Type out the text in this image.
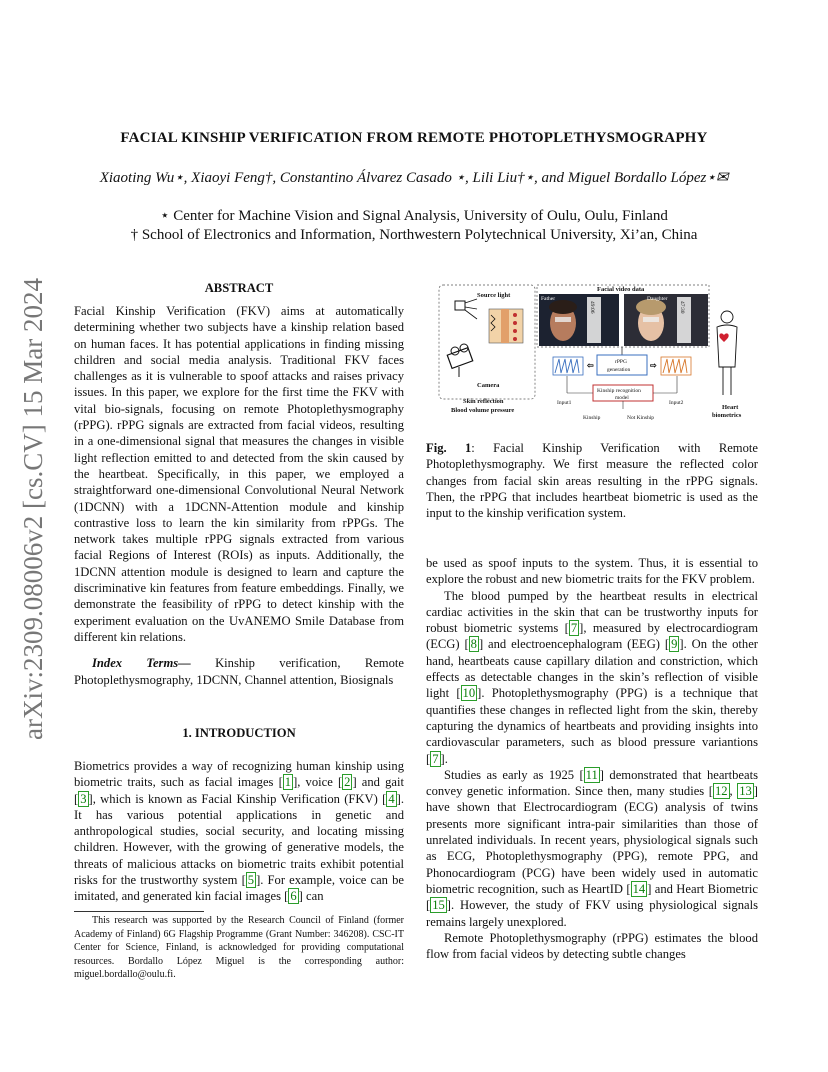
FACIAL KINSHIP VERIFICATION FROM REMOTE PHOTOPLETHYSMOGRAPHY
Xiaoting Wu⋆, Xiaoyi Feng†, Constantino Álvarez Casado ⋆, Lili Liu†⋆, and Miguel Bordallo López⋆✉
⋆ Center for Machine Vision and Signal Analysis, University of Oulu, Oulu, Finland
† School of Electronics and Information, Northwestern Polytechnical University, Xi’an, China
arXiv:2309.08006v2 [cs.CV] 15 Mar 2024	ABSTRACT

Facial Kinship Verification (FKV) aims at automatically determining whether two subjects have a kinship relation based on human faces. It has potential applications in finding missing children and social media analysis. Traditional FKV faces challenges as it is vulnerable to spoof attacks and raises privacy issues. In this paper, we explore for the first time the FKV with vital bio-signals, focusing on remote Photoplethysmography (rPPG). rPPG signals are extracted from facial videos, resulting in a one-dimensional signal that measures the changes in visible light reflection emitted to and detected from the skin caused by the heartbeat. Specifically, in this paper, we employed a straightforward one-dimensional Convolutional Neural Network (1DCNN) with a 1DCNN-Attention module and kinship contrastive loss to learn the kin similarity from rPPGs. The network takes multiple rPPG signals extracted from various facial Regions of Interest (ROIs) as inputs. Additionally, the 1DCNN attention module is designed to learn and capture the discriminative kin features from feature embeddings. Finally, we demonstrate the feasibility of rPPG to detect kinship with the experiment evaluation on the UvANEMO Smile Database from different kin relations.

Index Terms— Kinship verification, Remote Photoplethysmography, 1DCNN, Channel attention, Biosignals

1. INTRODUCTION

Biometrics provides a way of recognizing human kinship using biometric traits, such as facial images [ 1 ], voice [ 2 ] and gait [ 3 ], which is known as Facial Kinship Verification (FKV) [ 4 ]. It has various potential applications in genetic and anthropological studies, social security, and locating missing children. However, with the growing of generative models, the threats of malicious attacks on biometric traits exhibit potential risks for the trustworthy system [ 5 ]. For example, voice can be imitated, and generated kin facial images [ 6 ] can

This research was supported by the Research Council of Finland (former Academy of Finland) 6G Flagship Programme (Grant Number: 346208). CSC-IT Center for Science, Finland, is acknowledged for providing computational resources. Bordallo López Miguel is the corresponding author: miguel.bordallo@oulu.fi.

Source light
Camera
Skin reflection
Blood volume pressure
Facial video data
49:06
Father
47:30
Daughter
rPPG
generation
⇦	⇨
Kinship recognition
model
Input1	Input2
Kinship	Not Kinship
Heart
biometrics
Fig. 1: Facial Kinship Verification with Remote Photoplethysmography. We first measure the reflected color changes from facial skin areas resulting in the rPPG signals. Then, the rPPG that includes heartbeat biometric is used as the input to the kinship verification system.

be used as spoof inputs to the system. Thus, it is essential to explore the robust and new biometric traits for the FKV problem.

The blood pumped by the heartbeat results in electrical cardiac activities in the skin that can be trustworthy inputs for robust biometric systems [ 7 ], measured by electrocardiogram (ECG) [ 8 ] and electroencephalogram (EEG) [ 9 ]. On the other hand, heartbeats cause capillary dilation and constriction, which effects as detectable changes in the skin’s reflection of visible light [ 10 ]. Photoplethysmography (PPG) is a technique that quantifies these changes in reflected light from the skin, thereby capturing the dynamics of heartbeats and providing insights into cardiovascular parameters, such as blood pressure variantions [ 7 ].

Studies as early as 1925 [ 11 ] demonstrated that heartbeats convey genetic information. Since then, many studies [ 12 , 13 ] have shown that Electrocardiogram (ECG) analysis of twins presents more significant intra-pair similarities than those of unrelated individuals. In recent years, physiological signals such as ECG, Photoplethysmography (PPG), remote PPG, and Phonocardiogram (PCG) have been widely used in automatic biometric recognition, such as HeartID [ 14 ] and Heart Biometric [ 15 ]. However, the study of FKV using physiological signals remains largely unexplored.

Remote Photoplethysmography (rPPG) estimates the blood flow from facial videos by detecting subtle changes
